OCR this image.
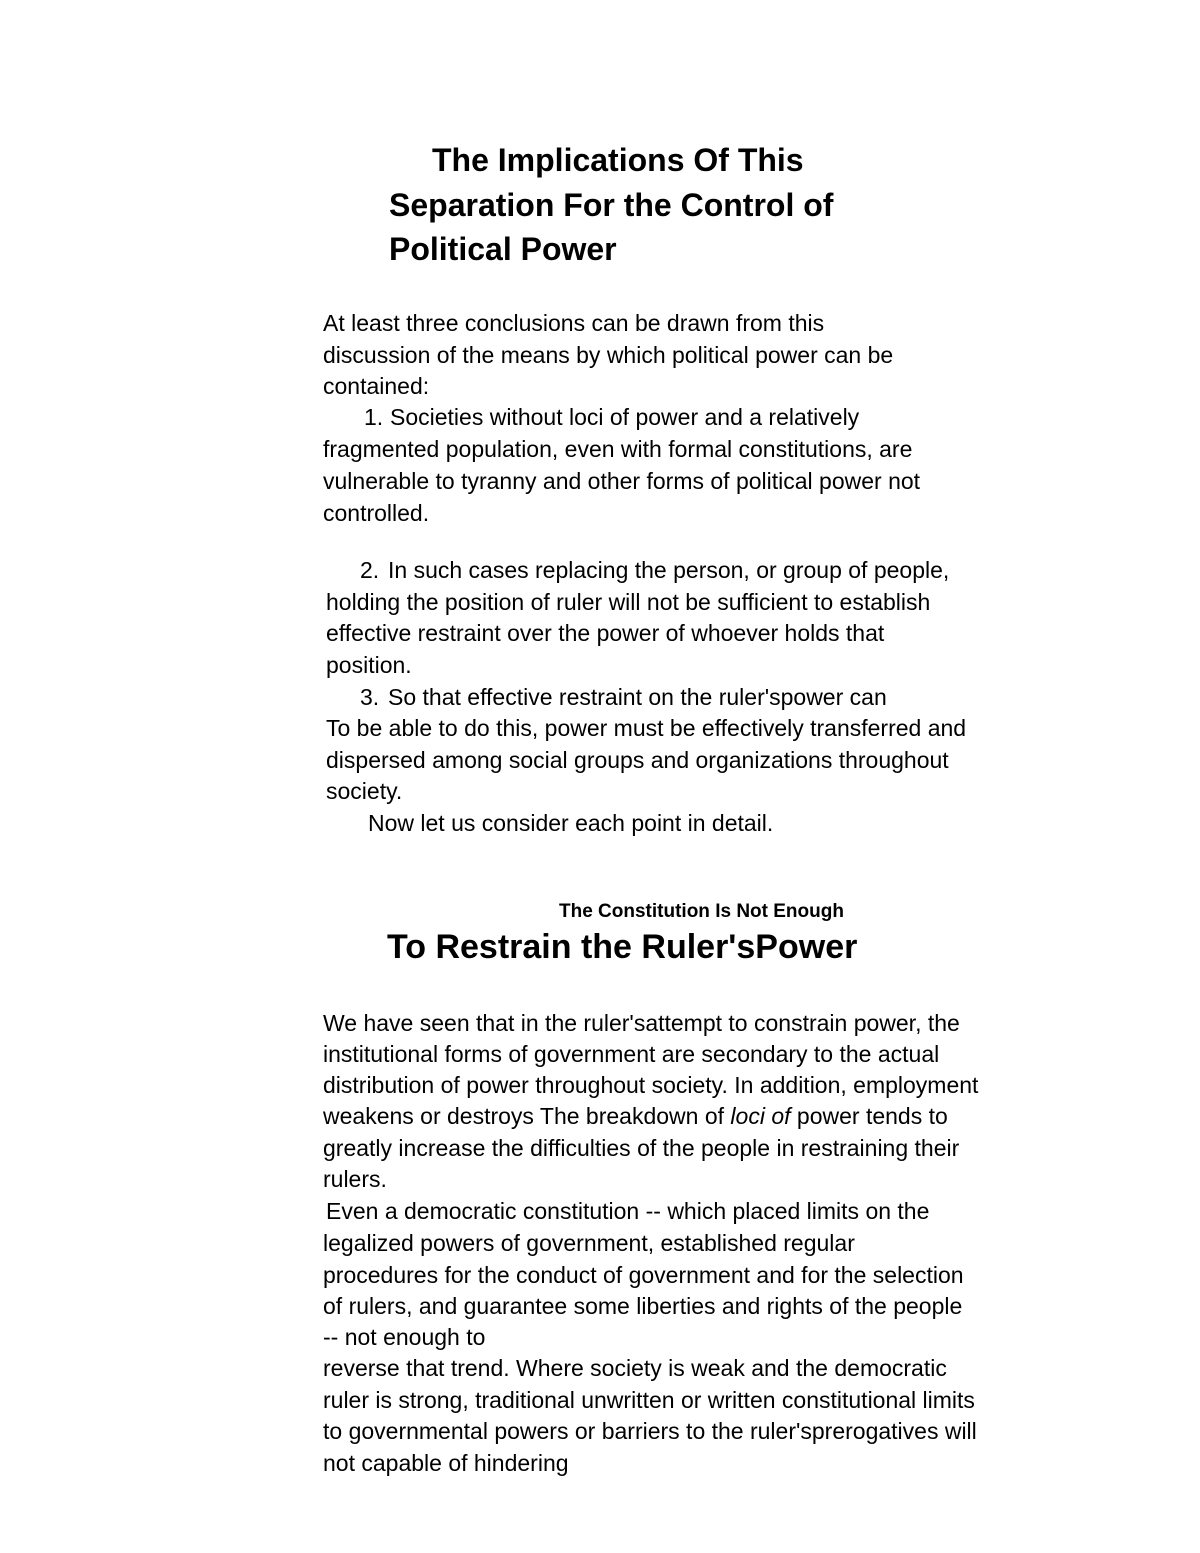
The Implications Of This
Separation For the Control of
Political Power
At least three conclusions can be drawn from this
discussion of the means by which political power can be
contained:
1. Societies without loci of power and a relatively
fragmented population, even with formal constitutions, are
vulnerable to tyranny and other forms of political power not
controlled.
2. In such cases replacing the person, or group of people,
holding the position of ruler will not be sufficient to establish
effective restraint over the power of whoever holds that
position.
3. So that effective restraint on the ruler'spower can
To be able to do this, power must be effectively transferred and
dispersed among social groups and organizations throughout
society.
Now let us consider each point in detail.
The Constitution Is Not Enough
To Restrain the Ruler'sPower
We have seen that in the ruler'sattempt to constrain power, the
institutional forms of government are secondary to the actual
distribution of power throughout society. In addition, employment
weakens or destroys The breakdown of loci of power tends to
greatly increase the difficulties of the people in restraining their
rulers.
Even a democratic constitution -- which placed limits on the
legalized powers of government, established regular
procedures for the conduct of government and for the selection
of rulers, and guarantee some liberties and rights of the people
-- not enough to
reverse that trend. Where society is weak and the democratic
ruler is strong, traditional unwritten or written constitutional limits
to governmental powers or barriers to the ruler'sprerogatives will
not capable of hindering
